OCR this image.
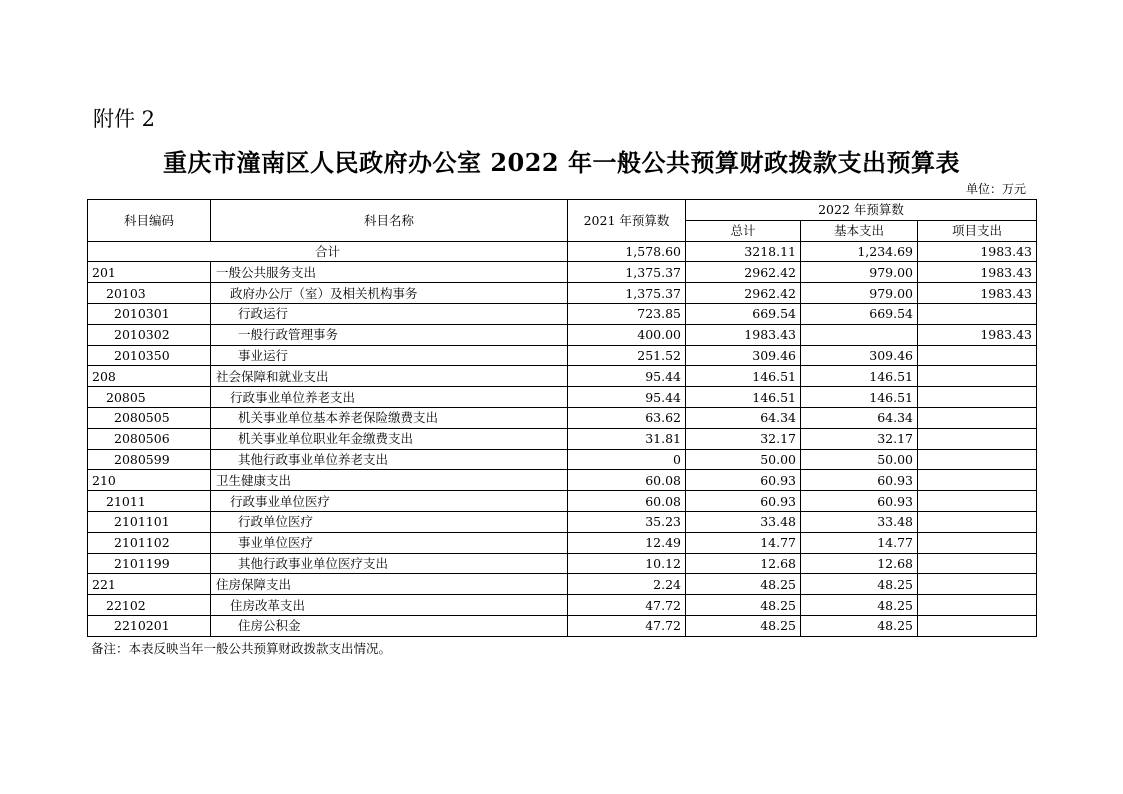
附件 2
重庆市潼南区人民政府办公室 2022 年一般公共预算财政拨款支出预算表
单位：万元
科目编码	科目名称	2021 年预算数	2022 年预算数		
			总计	基本支出	项目支出
合计		1,578.60	3218.11	1,234.69	1983.43
201	一般公共服务支出	1,375.37	2962.42	979.00	1983.43
20103	政府办公厅（室）及相关机构事务	1,375.37	2962.42	979.00	1983.43
2010301	行政运行	723.85	669.54	669.54	
2010302	一般行政管理事务	400.00	1983.43		1983.43
2010350	事业运行	251.52	309.46	309.46	
208	社会保障和就业支出	95.44	146.51	146.51	
20805	行政事业单位养老支出	95.44	146.51	146.51	
2080505	机关事业单位基本养老保险缴费支出	63.62	64.34	64.34	
2080506	机关事业单位职业年金缴费支出	31.81	32.17	32.17	
2080599	其他行政事业单位养老支出	0	50.00	50.00	
210	卫生健康支出	60.08	60.93	60.93	
21011	行政事业单位医疗	60.08	60.93	60.93	
2101101	行政单位医疗	35.23	33.48	33.48	
2101102	事业单位医疗	12.49	14.77	14.77	
2101199	其他行政事业单位医疗支出	10.12	12.68	12.68	
221	住房保障支出	2.24	48.25	48.25	
22102	住房改革支出	47.72	48.25	48.25	
2210201	住房公积金	47.72	48.25	48.25	
备注：本表反映当年一般公共预算财政拨款支出情况。
